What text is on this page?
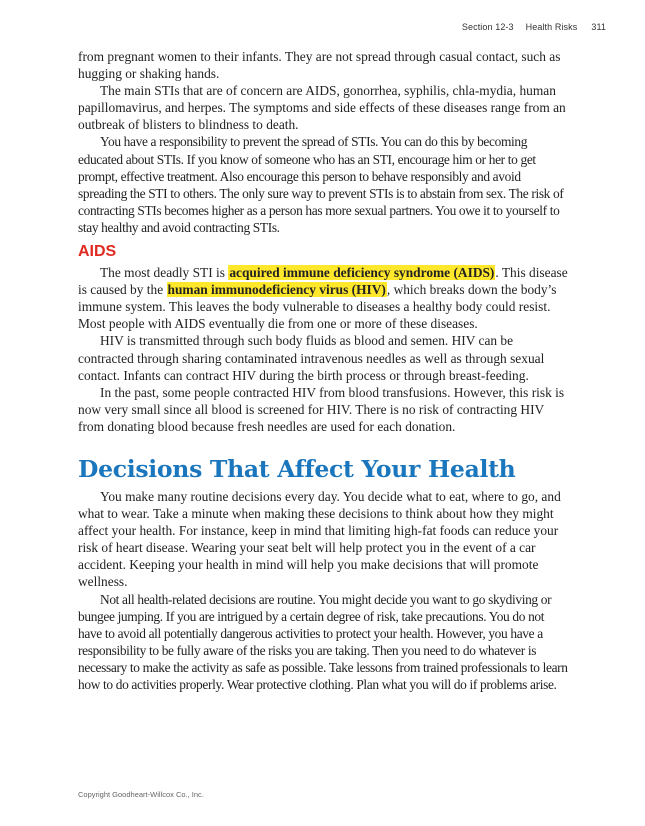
Section 12-3 Health Risks 311

from pregnant women to their infants. They are not spread through casual contact, such as hugging or shaking hands.

The main STIs that are of concern are AIDS, gonorrhea, syphilis, chla-mydia, human papillomavirus, and herpes. The symptoms and side effects of these diseases range from an outbreak of blisters to blindness to death.

You have a responsibility to prevent the spread of STIs. You can do this by becoming educated about STIs. If you know of someone who has an STI, encourage him or her to get prompt, effective treatment. Also encourage this person to behave responsibly and avoid spreading the STI to others. The only sure way to prevent STIs is to abstain from sex. The risk of contracting STIs becomes higher as a person has more sexual partners. You owe it to yourself to stay healthy and avoid contracting STIs.

AIDS

The most deadly STI is acquired immune deficiency syndrome (AIDS). This disease is caused by the human immunodeficiency virus (HIV), which breaks down the body’s immune system. This leaves the body vulnerable to diseases a healthy body could resist. Most people with AIDS eventually die from one or more of these diseases.

HIV is transmitted through such body fluids as blood and semen. HIV can be contracted through sharing contaminated intravenous needles as well as through sexual contact. Infants can contract HIV during the birth process or through breast-feeding.

In the past, some people contracted HIV from blood transfusions. However, this risk is now very small since all blood is screened for HIV. There is no risk of contracting HIV from donating blood because fresh needles are used for each donation.

Decisions That Affect Your Health

You make many routine decisions every day. You decide what to eat, where to go, and what to wear. Take a minute when making these decisions to think about how they might affect your health. For instance, keep in mind that limiting high-fat foods can reduce your risk of heart disease. Wearing your seat belt will help protect you in the event of a car accident. Keeping your health in mind will help you make decisions that will promote wellness.

Not all health-related decisions are routine. You might decide you want to go skydiving or bungee jumping. If you are intrigued by a certain degree of risk, take precautions. You do not have to avoid all potentially dangerous activities to protect your health. However, you have a responsibility to be fully aware of the risks you are taking. Then you need to do whatever is necessary to make the activity as safe as possible. Take lessons from trained professionals to learn how to do activities properly. Wear protective clothing. Plan what you will do if problems arise.

Copyright Goodheart-Willcox Co., Inc.
